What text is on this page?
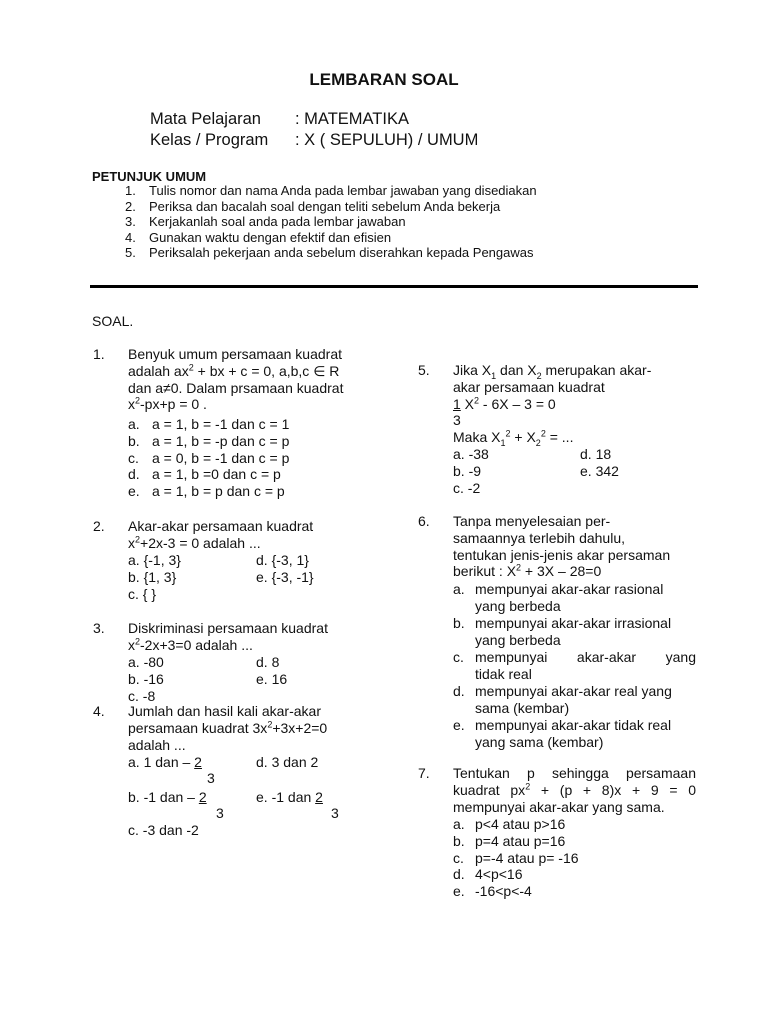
LEMBARAN SOAL
Mata Pelajaran : MATEMATIKA
Kelas / Program : X ( SEPULUH) / UMUM
PETUNJUK UMUM
1. Tulis nomor dan nama Anda pada lembar jawaban yang disediakan
2. Periksa dan bacalah soal dengan teliti sebelum Anda bekerja
3. Kerjakanlah soal anda pada lembar jawaban
4. Gunakan waktu dengan efektif dan efisien
5. Periksalah pekerjaan anda sebelum diserahkan kepada Pengawas
SOAL.
1. Benyuk umum persamaan kuadrat
adalah $ax^2$ + bx + c = 0, a,b,c ∈ R
dan a≠0. Dalam prsamaan kuadrat
$x^2-px+p = 0$ .
a. a = 1, b = -1 dan c = 1
b. a = 1, b = -p dan c = p
c. a = 0, b = -1 dan c = p
d. a = 1, b =0 dan c = p
e. a = 1, b = p dan c = p
2. Akar-akar persamaan kuadrat
$x^2+2x-3 = 0$ adalah ...
a. {-1, 3}
b. {1, 3}
c. { }
d. {-3, 1}
e. {-3, -1}
3. Diskriminasi persamaan kuadrat
$x^2-2x+3=0$ adalah ...
a. -80
b. -16
c. -8
d. 8
e. 16
4. Jumlah dan hasil kali akar-akar
persamaan kuadrat $3x^2+3x+2=0$
adalah ...
a. 1 dan – 2
3
b. -1 dan – 2
3
c. -3 dan -2
d. 3 dan 2
e. -1 dan 2
3
5. Jika $X_1$ dan $X_2$ merupakan akar-
akar persamaan kuadrat
1 $X^2 - 6X - 3 = 0$
3
Maka $X_1^2 + X_2^2$ = ...
a. -38
b. -9
c. -2
d. 18
e. 342
6. Tanpa menyelesaian per-
samaannya terlebih dahulu,
tentukan jenis-jenis akar persaman
berikut : $X^2 + 3X - 28=0$
a. mempunyai akar-akar rasional
yang berbeda
b. mempunyai akar-akar irrasional
yang berbeda
c. mempunyai akar-akar yang
tidak real
d. mempunyai akar-akar real yang
sama (kembar)
e. mempunyai akar-akar tidak real
yang sama (kembar)
7. Tentukan p sehingga persamaan
kuadrat $px^2 + (p + 8)x + 9 = 0$
mempunyai akar-akar yang sama.
a. p<4 atau p>16
b. p=4 atau p=16
c. p=-4 atau p= -16
d. 4<p<16
e. -16<p<-4
